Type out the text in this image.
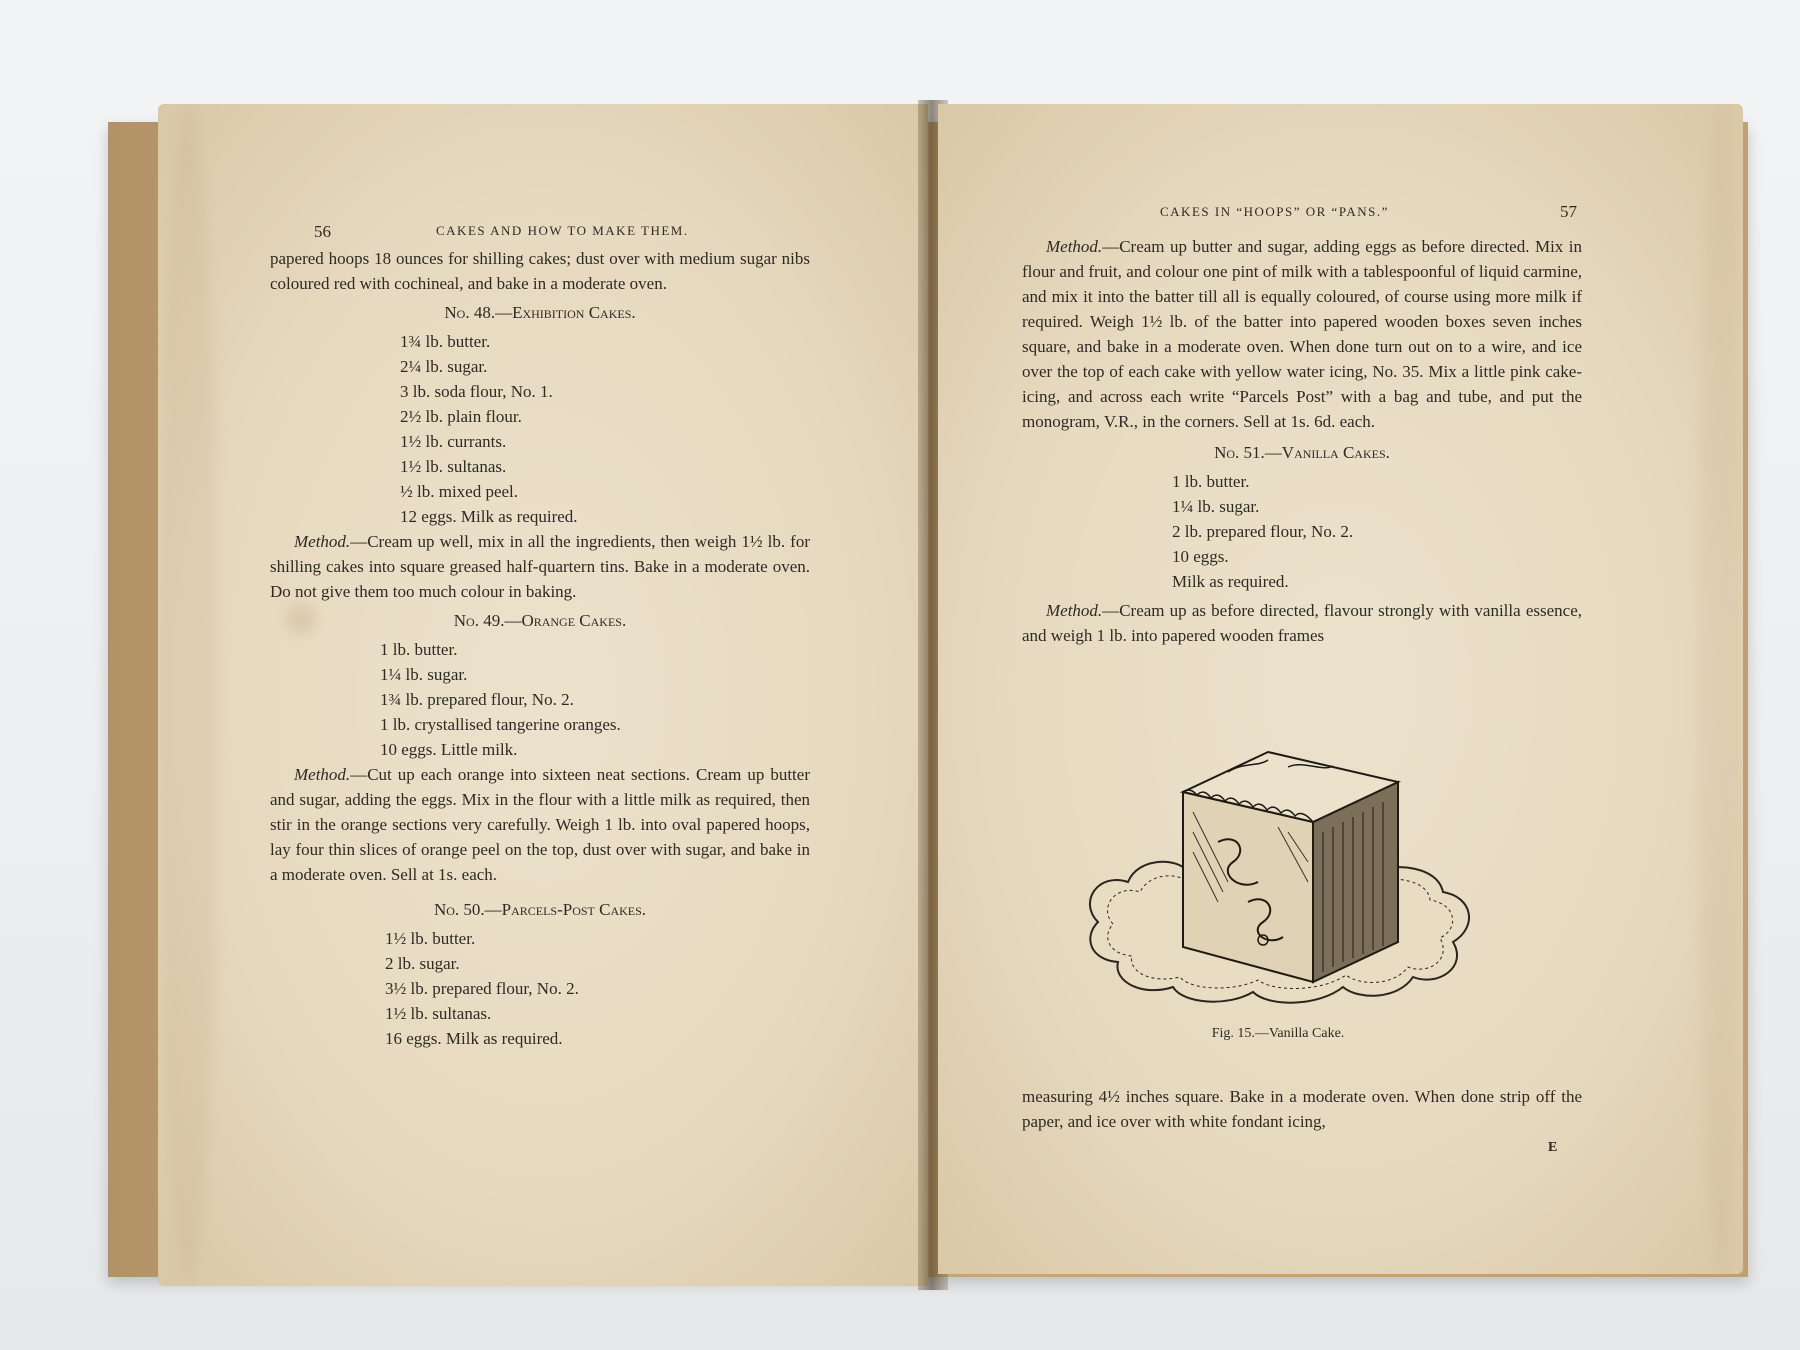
56	CAKES AND HOW TO MAKE THEM.

papered hoops 18 ounces for shilling cakes; dust over with medium sugar nibs coloured red with cochineal, and bake in a moderate oven.

No. 48.—Exhibition Cakes.
1¾ lb. butter.
2¼ lb. sugar.
3 lb. soda flour, No. 1.
2½ lb. plain flour.
1½ lb. currants.
1½ lb. sultanas.
½ lb. mixed peel.
12 eggs. Milk as required.

Method.—Cream up well, mix in all the ingredients, then weigh 1½ lb. for shilling cakes into square greased half-quartern tins. Bake in a moderate oven. Do not give them too much colour in baking.

No. 49.—Orange Cakes.
1 lb. butter.
1¼ lb. sugar.
1¾ lb. prepared flour, No. 2.
1 lb. crystallised tangerine oranges.
10 eggs. Little milk.

Method.—Cut up each orange into sixteen neat sections. Cream up butter and sugar, adding the eggs. Mix in the flour with a little milk as required, then stir in the orange sections very carefully. Weigh 1 lb. into oval papered hoops, lay four thin slices of orange peel on the top, dust over with sugar, and bake in a moderate oven. Sell at 1s. each.

No. 50.—Parcels-Post Cakes.
1½ lb. butter.
2 lb. sugar.
3½ lb. prepared flour, No. 2.
1½ lb. sultanas.
16 eggs. Milk as required.
CAKES IN “HOOPS” OR “PANS.”	57

Method.—Cream up butter and sugar, adding eggs as before directed. Mix in flour and fruit, and colour one pint of milk with a tablespoonful of liquid carmine, and mix it into the batter till all is equally coloured, of course using more milk if required. Weigh 1½ lb. of the batter into papered wooden boxes seven inches square, and bake in a moderate oven. When done turn out on to a wire, and ice over the top of each cake with yellow water icing, No. 35. Mix a little pink cake-icing, and across each write “Parcels Post” with a bag and tube, and put the monogram, V.R., in the corners. Sell at 1s. 6d. each.

No. 51.—Vanilla Cakes.
1 lb. butter.
1¼ lb. sugar.
2 lb. prepared flour, No. 2.
10 eggs.
Milk as required.

Method.—Cream up as before directed, flavour strongly with vanilla essence, and weigh 1 lb. into papered wooden frames

Fig. 15.—Vanilla Cake.

measuring 4½ inches square. Bake in a moderate oven. When done strip off the paper, and ice over with white fondant icing,

E
